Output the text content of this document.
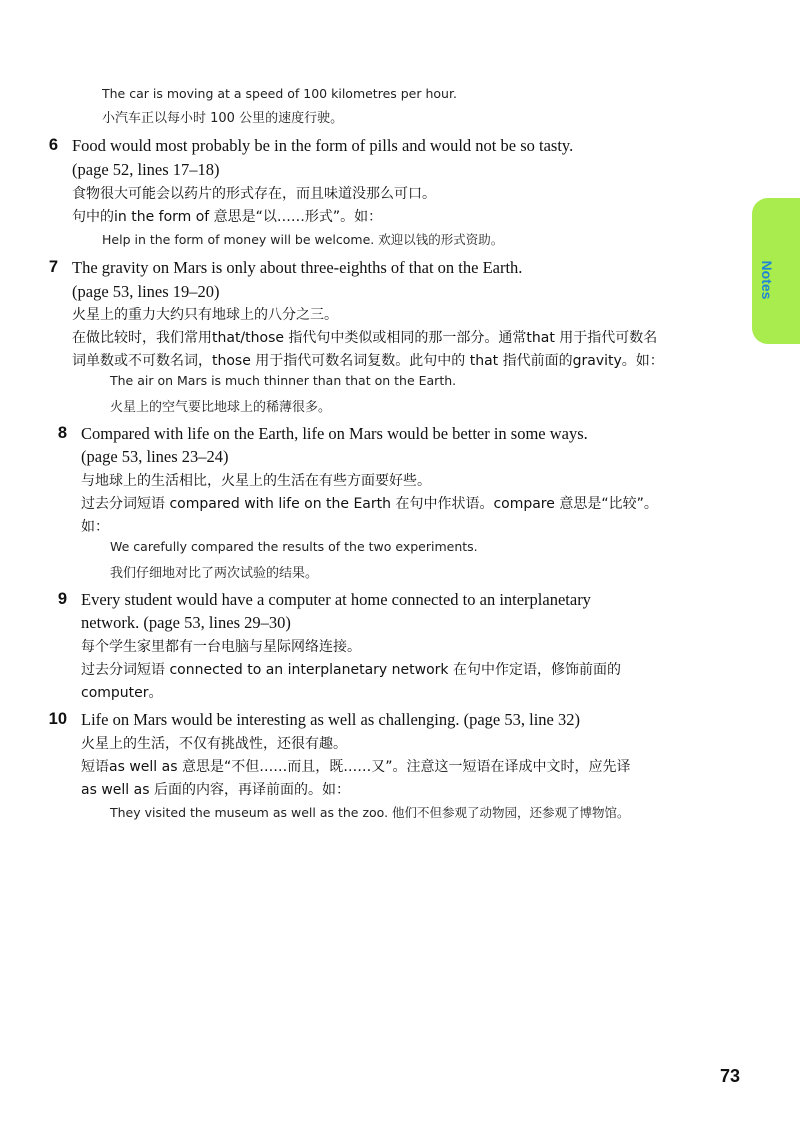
Notes
The car is moving at a speed of 100 kilometres per hour.
小汽车正以每小时 100 公里的速度行驶。
6 Food would most probably be in the form of pills and would not be so tasty.
(page 52, lines 17–18)
食物很大可能会以药片的形式存在，而且味道没那么可口。
句中的in the form of 意思是“以……形式”。如：
Help in the form of money will be welcome. 欢迎以钱的形式资助。
7 The gravity on Mars is only about three-eighths of that on the Earth.
(page 53, lines 19–20)
火星上的重力大约只有地球上的八分之三。
在做比较时，我们常用that/those 指代句中类似或相同的那一部分。通常that 用于指代可数名
词单数或不可数名词，those 用于指代可数名词复数。此句中的 that 指代前面的gravity。如：
The air on Mars is much thinner than that on the Earth.
火星上的空气要比地球上的稀薄很多。
8 Compared with life on the Earth, life on Mars would be better in some ways.
(page 53, lines 23–24)
与地球上的生活相比，火星上的生活在有些方面要好些。
过去分词短语 compared with life on the Earth 在句中作状语。compare 意思是“比较”。
如：
We carefully compared the results of the two experiments.
我们仔细地对比了两次试验的结果。
9 Every student would have a computer at home connected to an interplanetary
network. (page 53, lines 29–30)
每个学生家里都有一台电脑与星际网络连接。
过去分词短语 connected to an interplanetary network 在句中作定语，修饰前面的
computer。
10 Life on Mars would be interesting as well as challenging. (page 53, line 32)
火星上的生活，不仅有挑战性，还很有趣。
短语as well as 意思是“不但……而且，既……又”。注意这一短语在译成中文时，应先译
as well as 后面的内容，再译前面的。如：
They visited the museum as well as the zoo. 他们不但参观了动物园，还参观了博物馆。
73
